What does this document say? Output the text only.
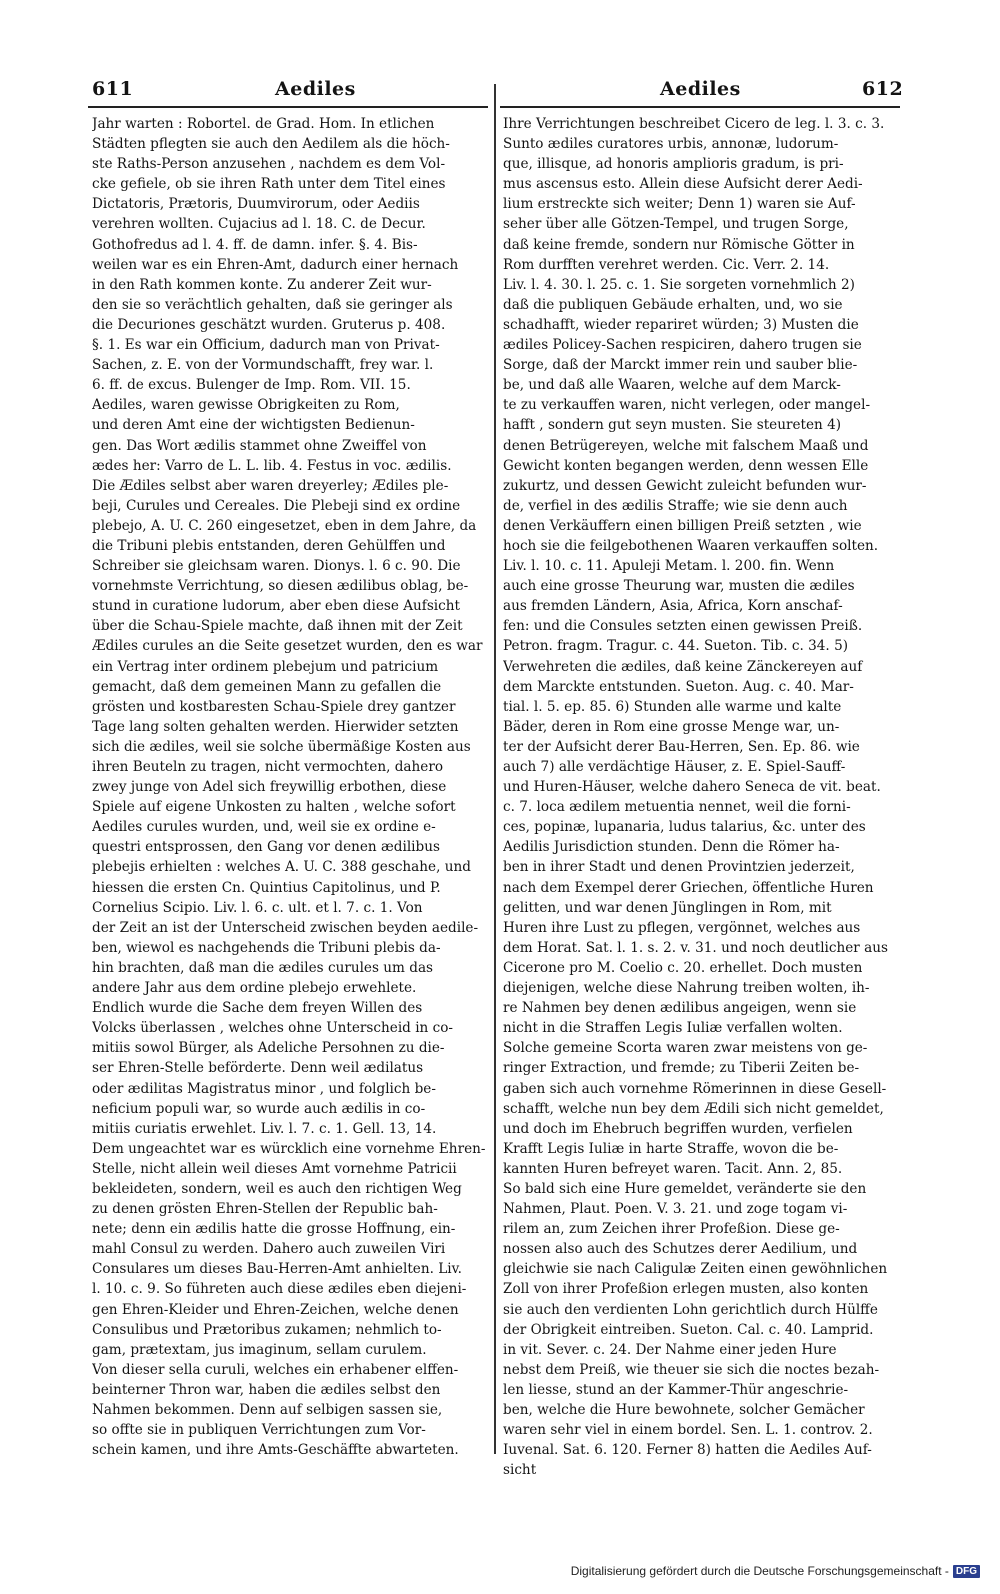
611	Aediles	Aediles	612
Jahr warten : Robortel. de Grad. Hom. In etlichen
Städten pflegten sie auch den Aedilem als die höch-
ste Raths-Person anzusehen , nachdem es dem Vol-
cke gefiele, ob sie ihren Rath unter dem Titel eines
Dictatoris, Prætoris, Duumvirorum, oder Aediis
verehren wollten. Cujacius ad l. 18. C. de Decur.
Gothofredus ad l. 4. ff. de damn. infer. §. 4. Bis-
weilen war es ein Ehren-Amt, dadurch einer hernach
in den Rath kommen konte. Zu anderer Zeit wur-
den sie so verächtlich gehalten, daß sie geringer als
die Decuriones geschätzt wurden. Gruterus p. 408.
§. 1. Es war ein Officium, dadurch man von Privat-
Sachen, z. E. von der Vormundschafft, frey war. l.
6. ff. de excus. Bulenger de Imp. Rom. VII. 15.
Aediles, waren gewisse Obrigkeiten zu Rom,
und deren Amt eine der wichtigsten Bedienun-
gen. Das Wort ædilis stammet ohne Zweiffel von
ædes her: Varro de L. L. lib. 4. Festus in voc. ædilis.
Die Ædiles selbst aber waren dreyerley; Ædiles ple-
beji, Curules und Cereales. Die Plebeji sind ex ordine
plebejo, A. U. C. 260 eingesetzet, eben in dem Jahre, da
die Tribuni plebis entstanden, deren Gehülffen und
Schreiber sie gleichsam waren. Dionys. l. 6 c. 90. Die
vornehmste Verrichtung, so diesen ædilibus oblag, be-
stund in curatione ludorum, aber eben diese Aufsicht
über die Schau-Spiele machte, daß ihnen mit der Zeit
Ædiles curules an die Seite gesetzet wurden, den es war
ein Vertrag inter ordinem plebejum und patricium
gemacht, daß dem gemeinen Mann zu gefallen die
grösten und kostbaresten Schau-Spiele drey gantzer
Tage lang solten gehalten werden. Hierwider setzten
sich die ædiles, weil sie solche übermäßige Kosten aus
ihren Beuteln zu tragen, nicht vermochten, dahero
zwey junge von Adel sich freywillig erbothen, diese
Spiele auf eigene Unkosten zu halten , welche sofort
Aediles curules wurden, und, weil sie ex ordine e-
questri entsprossen, den Gang vor denen ædilibus
plebejis erhielten : welches A. U. C. 388 geschahe, und
hiessen die ersten Cn. Quintius Capitolinus, und P.
Cornelius Scipio. Liv. l. 6. c. ult. et l. 7. c. 1. Von
der Zeit an ist der Unterscheid zwischen beyden aedile-
ben, wiewol es nachgehends die Tribuni plebis da-
hin brachten, daß man die ædiles curules um das
andere Jahr aus dem ordine plebejo erwehlete.
Endlich wurde die Sache dem freyen Willen des
Volcks überlassen , welches ohne Unterscheid in co-
mitiis sowol Bürger, als Adeliche Persohnen zu die-
ser Ehren-Stelle beförderte. Denn weil ædilatus
oder ædilitas Magistratus minor , und folglich be-
neficium populi war, so wurde auch ædilis in co-
mitiis curiatis erwehlet. Liv. l. 7. c. 1. Gell. 13, 14.
Dem ungeachtet war es würcklich eine vornehme Ehren-
Stelle, nicht allein weil dieses Amt vornehme Patricii
bekleideten, sondern, weil es auch den richtigen Weg
zu denen grösten Ehren-Stellen der Republic bah-
nete; denn ein ædilis hatte die grosse Hoffnung, ein-
mahl Consul zu werden. Dahero auch zuweilen Viri
Consulares um dieses Bau-Herren-Amt anhielten. Liv.
l. 10. c. 9. So führeten auch diese ædiles eben diejeni-
gen Ehren-Kleider und Ehren-Zeichen, welche denen
Consulibus und Prætoribus zukamen; nehmlich to-
gam, prætextam, jus imaginum, sellam curulem.
Von dieser sella curuli, welches ein erhabener elffen-
beinterner Thron war, haben die ædiles selbst den
Nahmen bekommen. Denn auf selbigen sassen sie,
so offte sie in publiquen Verrichtungen zum Vor-
schein kamen, und ihre Amts-Geschäffte abwarteten.
Ihre Verrichtungen beschreibet Cicero de leg. l. 3. c. 3.
Sunto ædiles curatores urbis, annonæ, ludorum-
que, illisque, ad honoris amplioris gradum, is pri-
mus ascensus esto. Allein diese Aufsicht derer Aedi-
lium erstreckte sich weiter; Denn 1) waren sie Auf-
seher über alle Götzen-Tempel, und trugen Sorge,
daß keine fremde, sondern nur Römische Götter in
Rom durfften verehret werden. Cic. Verr. 2. 14.
Liv. l. 4. 30. l. 25. c. 1. Sie sorgeten vornehmlich 2)
daß die publiquen Gebäude erhalten, und, wo sie
schadhafft, wieder repariret würden; 3) Musten die
ædiles Policey-Sachen respiciren, dahero trugen sie
Sorge, daß der Marckt immer rein und sauber blie-
be, und daß alle Waaren, welche auf dem Marck-
te zu verkauffen waren, nicht verlegen, oder mangel-
hafft , sondern gut seyn musten. Sie steureten 4)
denen Betrügereyen, welche mit falschem Maaß und
Gewicht konten begangen werden, denn wessen Elle
zukurtz, und dessen Gewicht zuleicht befunden wur-
de, verfiel in des ædilis Straffe; wie sie denn auch
denen Verkäuffern einen billigen Preiß setzten , wie
hoch sie die feilgebothenen Waaren verkauffen solten.
Liv. l. 10. c. 11. Apuleji Metam. l. 200. fin. Wenn
auch eine grosse Theurung war, musten die ædiles
aus fremden Ländern, Asia, Africa, Korn anschaf-
fen: und die Consules setzten einen gewissen Preiß.
Petron. fragm. Tragur. c. 44. Sueton. Tib. c. 34. 5)
Verwehreten die ædiles, daß keine Zänckereyen auf
dem Marckte entstunden. Sueton. Aug. c. 40. Mar-
tial. l. 5. ep. 85. 6) Stunden alle warme und kalte
Bäder, deren in Rom eine grosse Menge war, un-
ter der Aufsicht derer Bau-Herren, Sen. Ep. 86. wie
auch 7) alle verdächtige Häuser, z. E. Spiel-Sauff-
und Huren-Häuser, welche dahero Seneca de vit. beat.
c. 7. loca ædilem metuentia nennet, weil die forni-
ces, popinæ, lupanaria, ludus talarius, &c. unter des
Aedilis Jurisdiction stunden. Denn die Römer ha-
ben in ihrer Stadt und denen Provintzien jederzeit,
nach dem Exempel derer Griechen, öffentliche Huren
gelitten, und war denen Jünglingen in Rom, mit
Huren ihre Lust zu pflegen, vergönnet, welches aus
dem Horat. Sat. l. 1. s. 2. v. 31. und noch deutlicher aus
Cicerone pro M. Coelio c. 20. erhellet. Doch musten
diejenigen, welche diese Nahrung treiben wolten, ih-
re Nahmen bey denen ædilibus angeigen, wenn sie
nicht in die Straffen Legis Iuliæ verfallen wolten.
Solche gemeine Scorta waren zwar meistens von ge-
ringer Extraction, und fremde; zu Tiberii Zeiten be-
gaben sich auch vornehme Römerinnen in diese Gesell-
schafft, welche nun bey dem Ædili sich nicht gemeldet,
und doch im Ehebruch begriffen wurden, verfielen
Krafft Legis Iuliæ in harte Straffe, wovon die be-
kannten Huren befreyet waren. Tacit. Ann. 2, 85.
So bald sich eine Hure gemeldet, veränderte sie den
Nahmen, Plaut. Poen. V. 3. 21. und zoge togam vi-
rilem an, zum Zeichen ihrer Profeßion. Diese ge-
nossen also auch des Schutzes derer Aedilium, und
gleichwie sie nach Caligulæ Zeiten einen gewöhnlichen
Zoll von ihrer Profeßion erlegen musten, also konten
sie auch den verdienten Lohn gerichtlich durch Hülffe
der Obrigkeit eintreiben. Sueton. Cal. c. 40. Lamprid.
in vit. Sever. c. 24. Der Nahme einer jeden Hure
nebst dem Preiß, wie theuer sie sich die noctes bezah-
len liesse, stund an der Kammer-Thür angeschrie-
ben, welche die Hure bewohnete, solcher Gemächer
waren sehr viel in einem bordel. Sen. L. 1. controv. 2.
Iuvenal. Sat. 6. 120. Ferner 8) hatten die Aediles Auf-
sicht
Digitalisierung gefördert durch die Deutsche Forschungsgemeinschaft - DFG
